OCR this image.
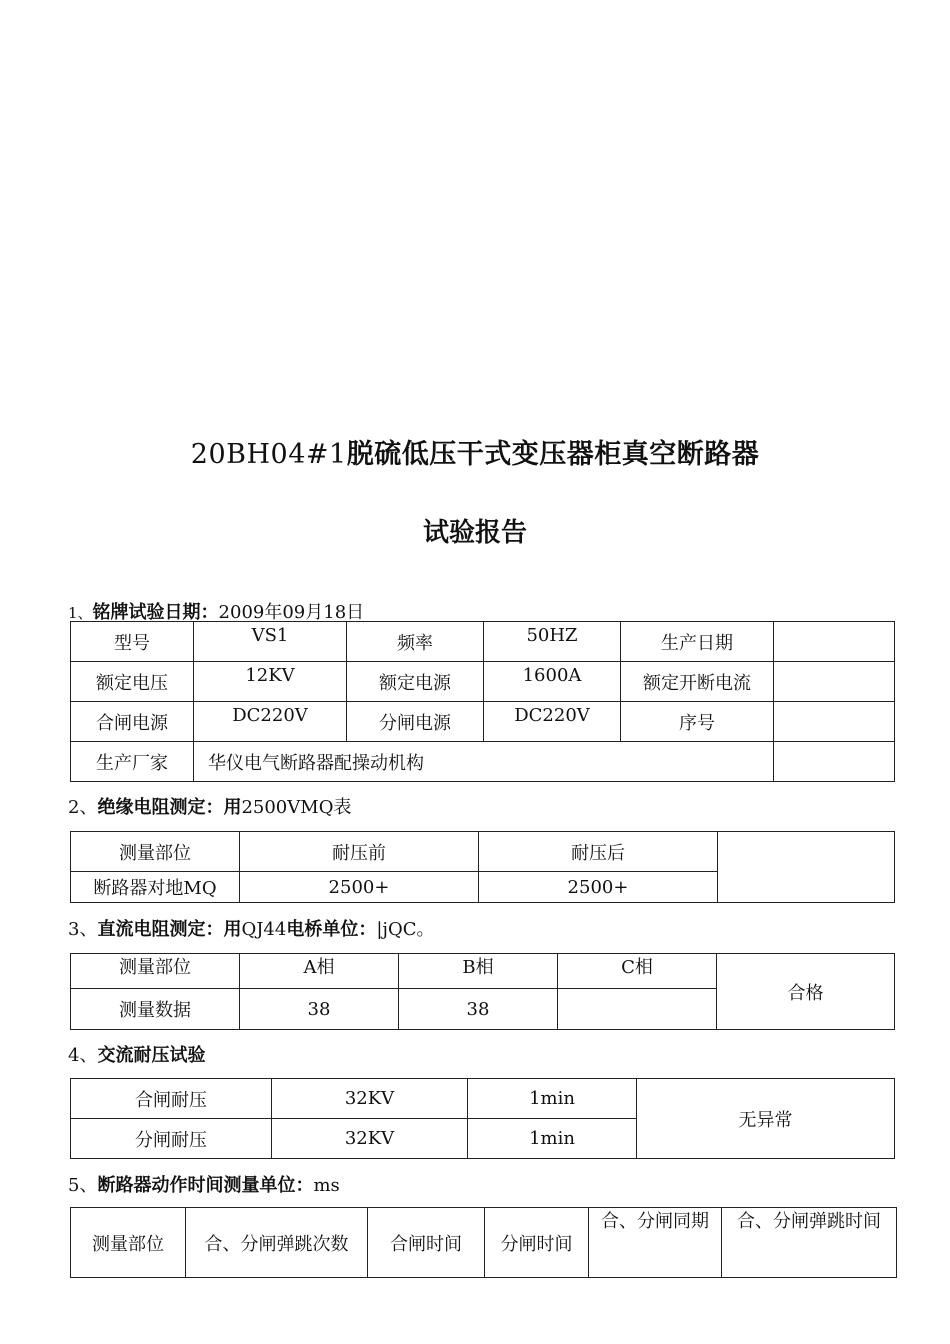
20BH04#1脱硫低压干式变压器柜真空断路器
试验报告
1、铭牌试验日期：2009年09月18日
型号	VS1	频率	50HZ	生产日期	
额定电压	12KV	额定电源	1600A	额定开断电流	
合闸电源	DC220V	分闸电源	DC220V	序号	
生产厂家	华仪电气断路器配操动机构				
2、绝缘电阻测定：用2500VMQ表
测量部位	耐压前	耐压后	
断路器对地MQ	2500+	2500+	
3、直流电阻测定：用QJ44电桥单位：|jQC。
测量部位	A相	B相	C相	合格
测量数据	38	38		
4、交流耐压试验
合闸耐压	32KV	1min	无异常
分闸耐压	32KV	1min	
5、断路器动作时间测量单位：ms
测量部位	合、分闸弹跳次数	合闸时间	分闸时间	合、分闸同期	合、分闸弹跳时间
